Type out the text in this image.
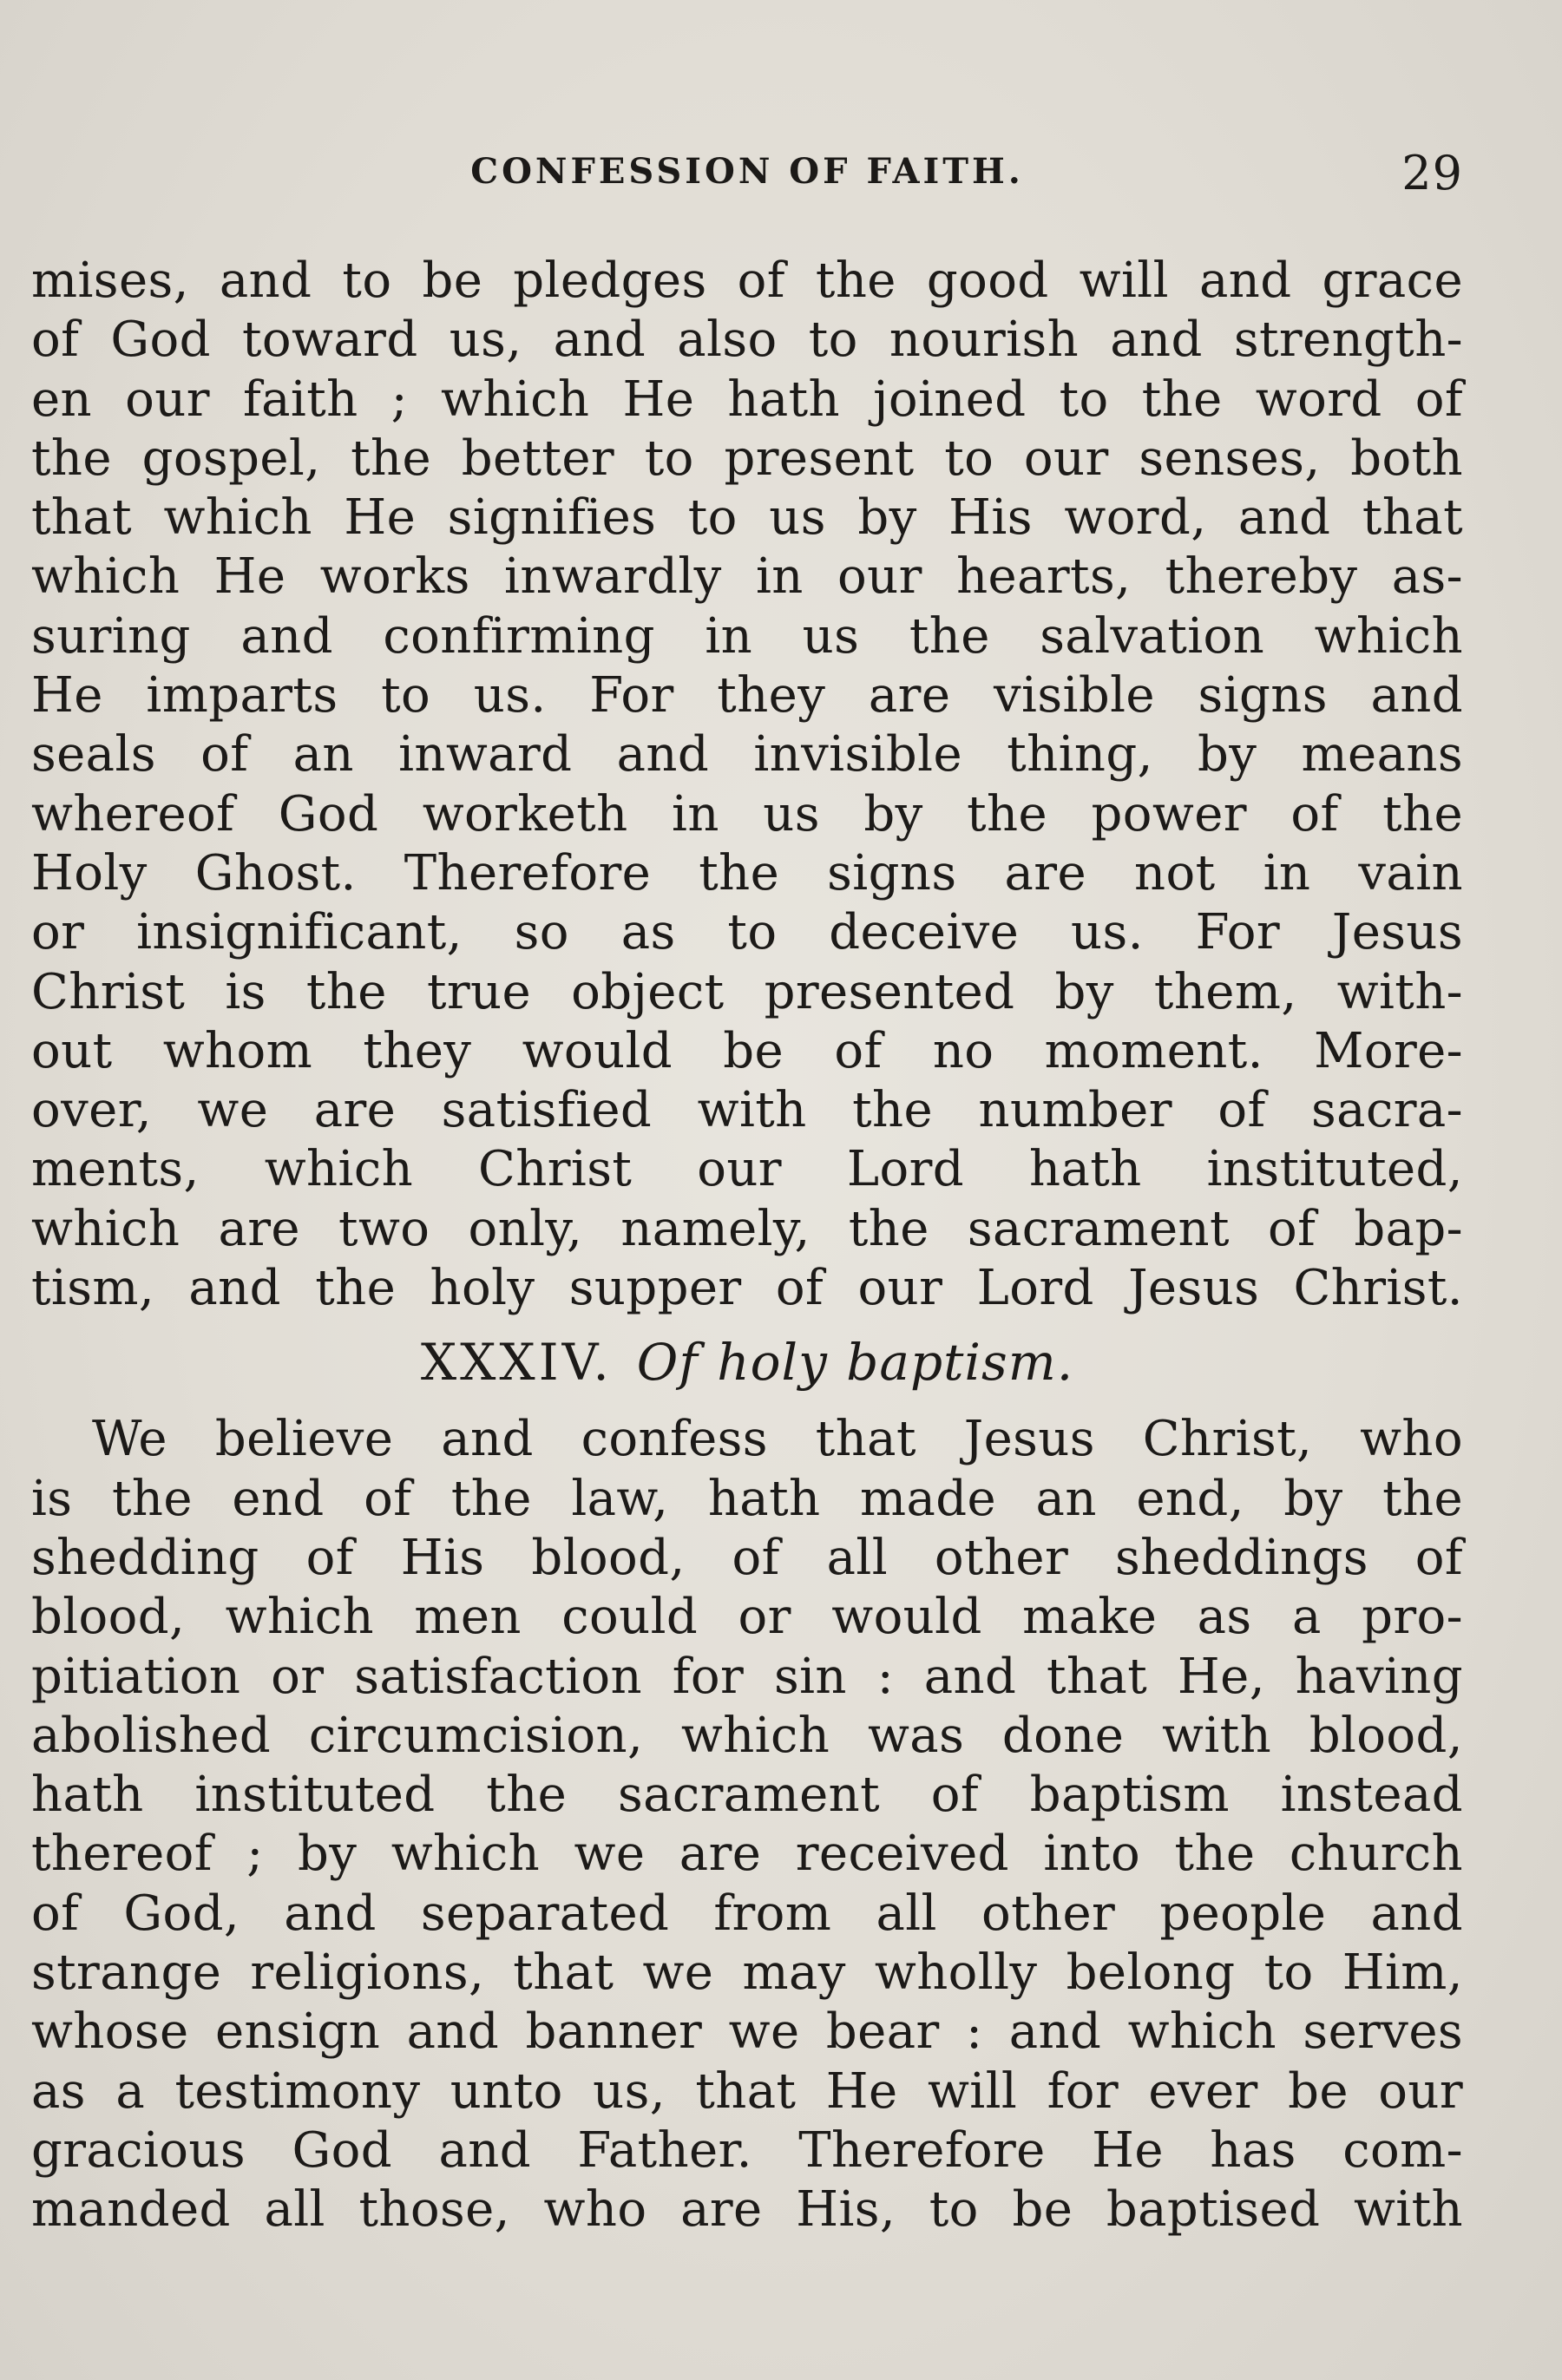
CONFESSION OF FAITH.	29
mises, and to be pledges of the good will and grace
of God toward us, and also to nourish and strength-
en our faith ; which He hath joined to the word of
the gospel, the better to present to our senses, both
that which He signifies to us by His word, and that
which He works inwardly in our hearts, thereby as-
suring and confirming in us the salvation which
He imparts to us. For they are visible signs and
seals of an inward and invisible thing, by means
whereof God worketh in us by the power of the
Holy Ghost. Therefore the signs are not in vain
or insignificant, so as to deceive us. For Jesus
Christ is the true object presented by them, with-
out whom they would be of no moment. More-
over, we are satisfied with the number of sacra-
ments, which Christ our Lord hath instituted,
which are two only, namely, the sacrament of bap-
tism, and the holy supper of our Lord Jesus Christ.
XXXIV. Of holy baptism.
We believe and confess that Jesus Christ, who
is the end of the law, hath made an end, by the
shedding of His blood, of all other sheddings of
blood, which men could or would make as a pro-
pitiation or satisfaction for sin : and that He, having
abolished circumcision, which was done with blood,
hath instituted the sacrament of baptism instead
thereof ; by which we are received into the church
of God, and separated from all other people and
strange religions, that we may wholly belong to Him,
whose ensign and banner we bear : and which serves
as a testimony unto us, that He will for ever be our
gracious God and Father. Therefore He has com-
manded all those, who are His, to be baptised with
